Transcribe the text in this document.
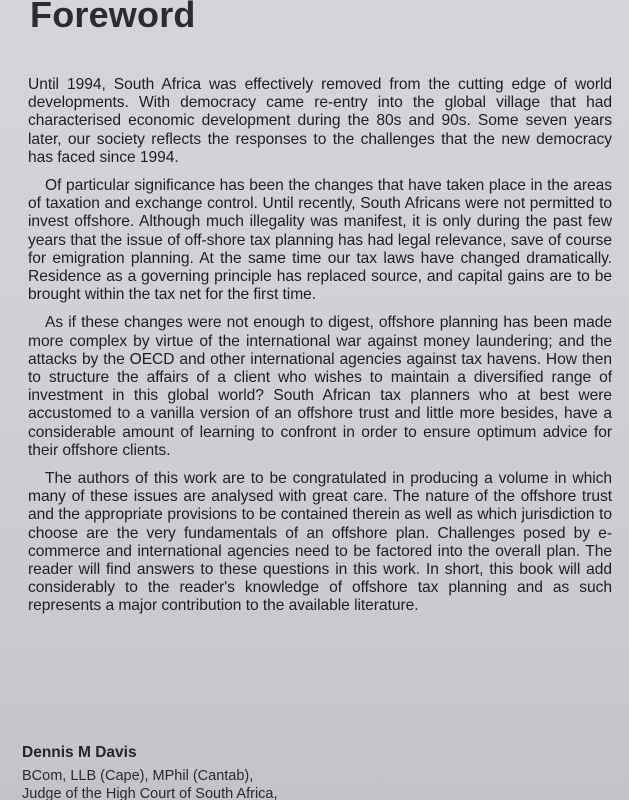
Foreword

Until 1994, South Africa was effectively removed from the cutting edge of world developments. With democracy came re-entry into the global village that had characterised economic development during the 80s and 90s. Some seven years later, our society reflects the responses to the challenges that the new democracy has faced since 1994.

Of particular significance has been the changes that have taken place in the areas of taxation and exchange control. Until recently, South Africans were not permitted to invest offshore. Although much illegality was manifest, it is only during the past few years that the issue of off-shore tax planning has had legal relevance, save of course for emigration planning. At the same time our tax laws have changed dramatically. Residence as a governing principle has replaced source, and capital gains are to be brought within the tax net for the first time.

As if these changes were not enough to digest, offshore planning has been made more complex by virtue of the international war against money laundering; and the attacks by the OECD and other international agencies against tax havens. How then to structure the affairs of a client who wishes to maintain a diversified range of investment in this global world? South African tax planners who at best were accustomed to a vanilla version of an offshore trust and little more besides, have a considerable amount of learning to confront in order to ensure optimum advice for their offshore clients.

The authors of this work are to be congratulated in producing a volume in which many of these issues are analysed with great care. The nature of the offshore trust and the appropriate provisions to be contained therein as well as which jurisdiction to choose are the very fundamentals of an offshore plan. Challenges posed by e-commerce and international agencies need to be factored into the overall plan. The reader will find answers to these questions in this work. In short, this book will add considerably to the reader's knowledge of offshore tax planning and as such represents a major contribution to the available literature.

Dennis M Davis

BCom, LLB (Cape), MPhil (Cantab),

Judge of the High Court of South Africa,
